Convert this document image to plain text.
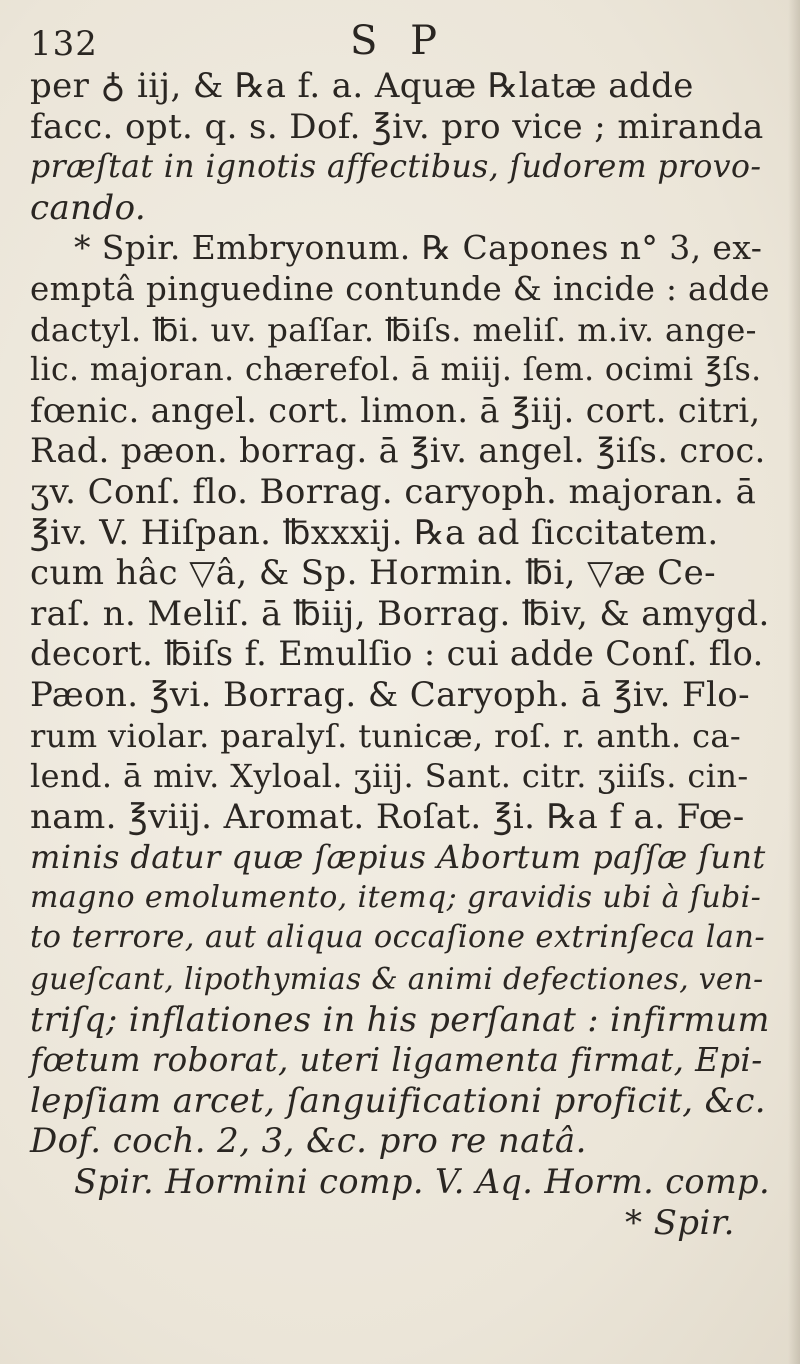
132	S P
per ♁ iij, & ℞a f. a. Aquæ ℞latæ adde
facc. opt. q. s. Dof. ℥iv. pro vice ; miranda
præſtat in ignotis affectibus, ſudorem provo-
cando.
* Spir. Embryonum. ℞ Capones n° 3, ex-
emptâ pinguedine contunde & incide : adde
dactyl. ℔i. uv. paſſar. ℔iſs. meliſ. m.iv. ange-
lic. majoran. chærefol. ā miij. ſem. ocimi ℥ſs.
fœnic. angel. cort. limon. ā ℥iij. cort. citri,
Rad. pæon. borrag. ā ℥iv. angel. ℥iſs. croc.
ʒv. Conſ. flo. Borrag. caryoph. majoran. ā
℥iv. V. Hiſpan. ℔xxxij. ℞a ad ſiccitatem.
cum hâc ▽â, & Sp. Hormin. ℔i, ▽æ Ce-
raſ. n. Meliſ. ā ℔iij, Borrag. ℔iv, & amygd.
decort. ℔iſs f. Emulſio : cui adde Conſ. flo.
Pæon. ℥vi. Borrag. & Caryoph. ā ℥iv. Flo-
rum violar. paralyſ. tunicæ, roſ. r. anth. ca-
lend. ā miv. Xyloal. ʒiij. Sant. citr. ʒiiſs. cin-
nam. ℥viij. Aromat. Roſat. ℥i. ℞a f a. Fœ-
minis datur quæ ſæpius Abortum paſſæ ſunt
magno emolumento, itemq; gravidis ubi à ſubi-
to terrore, aut aliqua occaſione extrinſeca lan-
gueſcant, lipothymias & animi defectiones, ven-
triſq; inflationes in his perſanat : infirmum
fœtum roborat, uteri ligamenta firmat, Epi-
lepſiam arcet, ſanguificationi proficit, &c.
Dof. coch. 2, 3, &c. pro re natâ.
Spir. Hormini comp. V. Aq. Horm. comp.
* Spir.
